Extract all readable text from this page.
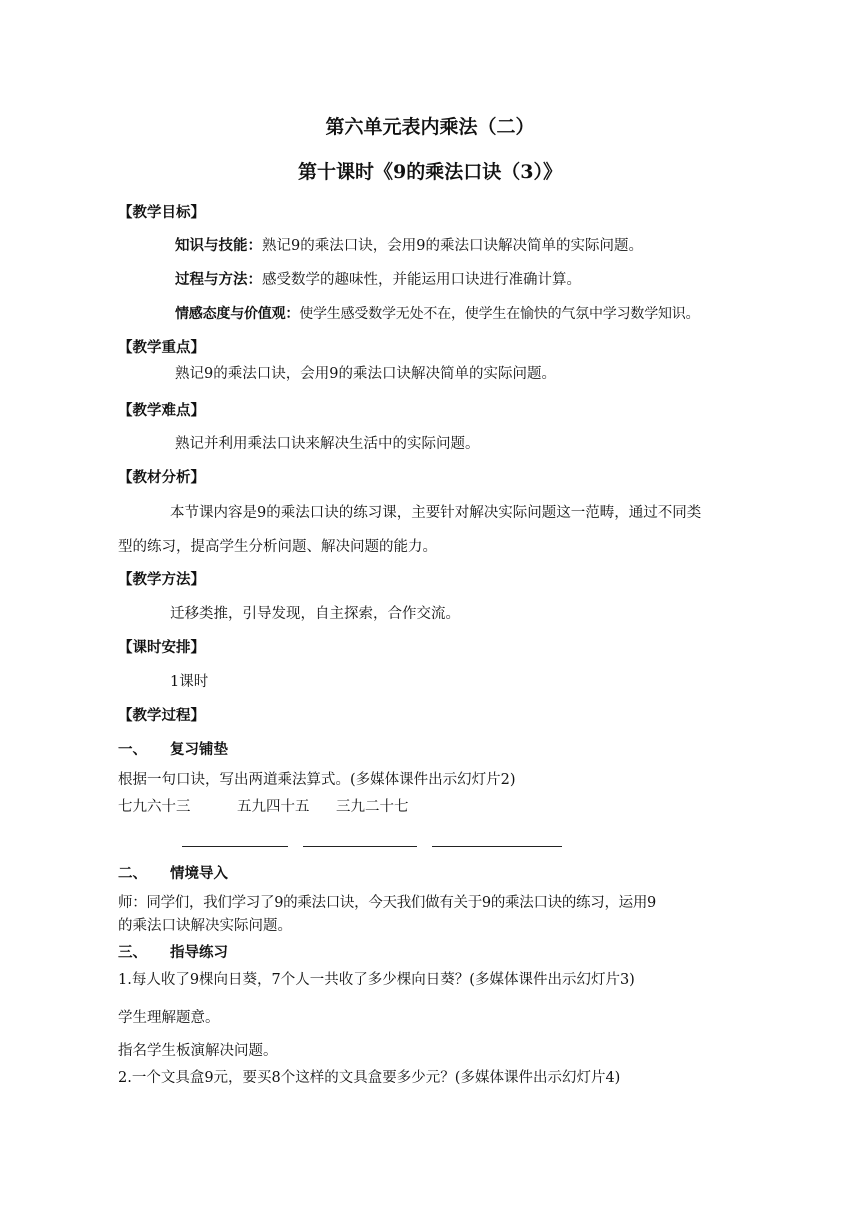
第六单元表内乘法（二）
第十课时《9的乘法口诀（3）》
【教学目标】
知识与技能：熟记9的乘法口诀，会用9的乘法口诀解决简单的实际问题。
过程与方法：感受数学的趣味性，并能运用口诀进行准确计算。
情感态度与价值观：使学生感受数学无处不在，使学生在愉快的气氛中学习数学知识。
【教学重点】
熟记9的乘法口诀，会用9的乘法口诀解决简单的实际问题。
【教学难点】
熟记并利用乘法口诀来解决生活中的实际问题。
【教材分析】
本节课内容是9的乘法口诀的练习课，主要针对解决实际问题这一范畴，通过不同类
型的练习，提高学生分析问题、解决问题的能力。
【教学方法】
迁移类推，引导发现，自主探索，合作交流。
【课时安排】
1课时
【教学过程】
一、 复习铺垫
根据一句口诀，写出两道乘法算式。(多媒体课件出示幻灯片2)
七九六十三	五九四十五 三九二十七
二、 情境导入
师：同学们，我们学习了9的乘法口诀，今天我们做有关于9的乘法口诀的练习，运用9
的乘法口诀解决实际问题。
三、 指导练习
1.每人收了9棵向日葵，7个人一共收了多少棵向日葵？(多媒体课件出示幻灯片3)
学生理解题意。
指名学生板演解决问题。
2.一个文具盒9元，要买8个这样的文具盒要多少元？(多媒体课件出示幻灯片4)
